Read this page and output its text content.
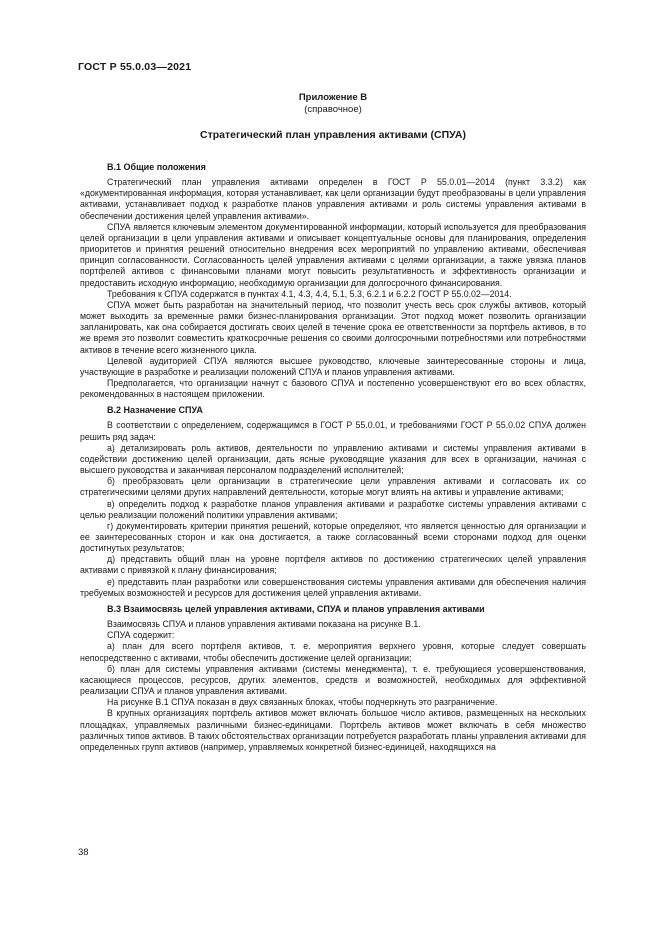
ГОСТ Р 55.0.03—2021
Приложение В
(справочное)
Стратегический план управления активами (СПУА)
В.1 Общие положения

Стратегический план управления активами определен в ГОСТ Р 55.0.01—2014 (пункт 3.3.2) как «документированная информация, которая устанавливает, как цели организации будут преобразованы в цели управления активами, устанавливает подход к разработке планов управления активами и роль системы управления активами в обеспечении достижения целей управления активами».

СПУА является ключевым элементом документированной информации, который используется для преобразования целей организации в цели управления активами и описывает концептуальные основы для планирования, определения приоритетов и принятия решений относительно внедрения всех мероприятий по управлению активами, обеспечивая принцип согласованности. Согласованность целей управления активами с целями организации, а также увязка планов портфелей активов с финансовыми планами могут повысить результативность и эффективность организации и предоставить исходную информацию, необходимую организации для долгосрочного финансирования.

Требования к СПУА содержатся в пунктах 4.1, 4.3, 4.4, 5.1, 5.3, 6.2.1 и 6.2.2 ГОСТ Р 55.0.02—2014.

СПУА может быть разработан на значительный период, что позволит учесть весь срок службы активов, который может выходить за временные рамки бизнес-планирования организации. Этот подход может позволить организации запланировать, как она собирается достигать своих целей в течение срока ее ответственности за портфель активов, в то же время это позволит совместить краткосрочные решения со своими долгосрочными потребностями или потребностями активов в течение всего жизненного цикла.

Целевой аудиторией СПУА являются высшее руководство, ключевые заинтересованные стороны и лица, участвующие в разработке и реализации положений СПУА и планов управления активами.

Предполагается, что организации начнут с базового СПУА и постепенно усовершенствуют его во всех областях, рекомендованных в настоящем приложении.

В.2 Назначение СПУА

В соответствии с определением, содержащимся в ГОСТ Р 55.0.01, и требованиями ГОСТ Р 55.0.02 СПУА должен решить ряд задач:

а) детализировать роль активов, деятельности по управлению активами и системы управления активами в содействии достижению целей организации, дать ясные руководящие указания для всех в организации, начиная с высшего руководства и заканчивая персоналом подразделений исполнителей;

б) преобразовать цели организации в стратегические цели управления активами и согласовать их со стратегическими целями других направлений деятельности, которые могут влиять на активы и управление активами;

в) определить подход к разработке планов управления активами и разработке системы управления активами с целью реализации положений политики управления активами;

г) документировать критерии принятия решений, которые определяют, что является ценностью для организации и ее заинтересованных сторон и как она достигается, а также согласованный всеми сторонами подход для оценки достигнутых результатов;

д) представить общий план на уровне портфеля активов по достижению стратегических целей управления активами с привязкой к плану финансирования;

е) представить план разработки или совершенствования системы управления активами для обеспечения наличия требуемых возможностей и ресурсов для достижения целей управления активами.

В.3 Взаимосвязь целей управления активами, СПУА и планов управления активами

Взаимосвязь СПУА и планов управления активами показана на рисунке В.1.

СПУА содержит:

а) план для всего портфеля активов, т. е. мероприятия верхнего уровня, которые следует совершать непосредственно с активами, чтобы обеспечить достижение целей организации;

б) план для системы управления активами (системы менеджмента), т. е. требующиеся усовершенствования, касающиеся процессов, ресурсов, других элементов, средств и возможностей, необходимых для эффективной реализации СПУА и планов управления активами.

На рисунке В.1 СПУА показан в двух связанных блоках, чтобы подчеркнуть это разграничение.

В крупных организациях портфель активов может включать большое число активов, размещенных на нескольких площадках, управляемых различными бизнес-единицами. Портфель активов может включать в себя множество различных типов активов. В таких обстоятельствах организации потребуется разработать планы управления активами для определенных групп активов (например, управляемых конкретной бизнес-единицей, находящихся на

38
